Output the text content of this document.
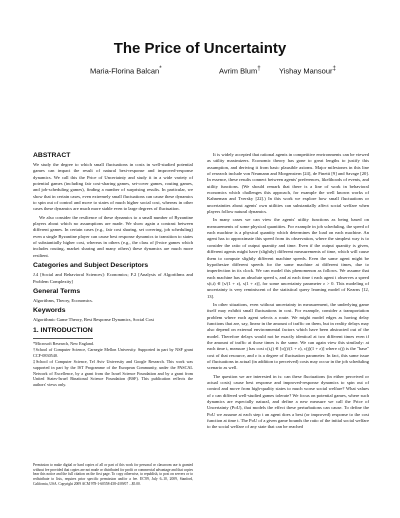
The Price of Uncertainty
Maria-Florina Balcan*	Avrim Blum† Yishay Mansour‡
ABSTRACT

We study the degree to which small fluctuations in costs in well-studied potential games can impact the result of natural best-response and improved-response dynamics. We call this the Price of Uncertainty and study it in a wide variety of potential games (including fair cost-sharing games, set-cover games, routing games, and job-scheduling games), finding a number of surprising results. In particular, we show that in certain cases, even extremely small fluctuations can cause these dynamics to spin out of control and move to states of much higher social cost, whereas in other cases these dynamics are much more stable even to large degrees of fluctuation.

We also consider the resilience of these dynamics to a small number of Byzantine players about which no assumptions are made. We show again a contrast between different games. In certain cases (e.g., fair cost sharing, set covering, job scheduling) even a single Byzantine player can cause best response dynamics to transition to states of substantially higher cost, whereas in others (e.g., the class of β-nice games which includes routing, market sharing and many others) these dynamics are much more resilient.

Categories and Subject Descriptors

J.4 [Social and Behavioral Sciences]: Economics; F.2 [Analysis of Algorithms and Problem Complexity]

General Terms

Algorithms, Theory, Economics.

Keywords

Algorithmic Game Theory, Best Response Dynamics, Social Cost

1. INTRODUCTION

*Microsoft Research, New England.

†School of Computer Science, Carnegie Mellon University. Supported in part by NSF grant CCF-0830540.

‡School of Computer Science, Tel Aviv University and Google Research. This work was supported in part by the IST Programme of the European Community, under the PASCAL Network of Excellence, by a grant from the Israel Science Foundation and by a grant from United States-Israel Binational Science Foundation (BSF). This publication reflects the authors' views only.

Permission to make digital or hard copies of all or part of this work for personal or classroom use is granted without fee provided that copies are not made or distributed for profit or commercial advantage and that copies bear this notice and the full citation on the first page. To copy otherwise, to republish, to post on servers or to redistribute to lists, requires prior specific permission and/or a fee. EC'09, July 6–10, 2009, Stanford, California, USA. Copyright 2009 ACM 978-1-60558-458-4/09/07 ...$5.00.

It is widely accepted that rational agents in competitive environments can be viewed as utility maximizers. Economic theory has gone to great lengths to justify this assumption, and deriving it from basic plausible axioms. Major milestones in this line of research include von Neumann and Morgenstern [24], de Finetti [9] and Savage [20]. In essence, these results connect between agents' preferences, likelihoods of events, and utility functions. (We should remark that there is a line of work in behavioral economics which challenges this approach, for example the well known works of Kahneman and Tversky [22].) In this work we explore how small fluctuations or uncertainties about agents' own utilities can substantially affect social welfare when players follow natural dynamics.

In many cases we can view the agents' utility functions as being based on measurements of some physical quantities. For example in job scheduling, the speed of each machine is a physical quantity which determines the load on each machine. An agent has to approximate this speed from its observation, where the simplest way is to consider the ratio of output quantity and time. Even if the output quantity is given, different agents might have (slightly) different measurements of time, which will cause them to compute slightly different machine speeds. Even the same agent might be hypothesize different speeds for the same machine at different times, due to imperfection in its clock. We can model this phenomenon as follows. We assume that each machine has an absolute speed s, and at each time t each agent i observes a speed s(t,i) ∈ [s/(1 + ε), s(1 + ε)], for some uncertainty parameter ε > 0. This modeling of uncertainty is very reminiscent of the statistical query learning model of Kearns [12, 13].

In other situations, even without uncertainty in measurement, the underlying game itself may exhibit small fluctuations in cost. For example, consider a transportation problem where each agent selects a route. We might model edges as having delay functions that are, say, linear in the amount of traffic on them, but in reality delays may also depend on external environmental factors which have been abstracted out of the model. Therefore delays would not be exactly identical at two different times even if the amount of traffic at those times is the same. We can again view this similarly: at each time t, measure j has cost c(t,j) ∈ [c(j)/(1 + ε), c(j)(1 + ε)] where c(j) is the "base" cost of that resource, and ε is a degree of fluctuation parameter. In fact, this same issue of fluctuations in actual (in addition to perceived) costs may occur in the job scheduling scenario as well.

The question we are interested in is: can these fluctuations (in either perceived or actual costs) cause best response and improved-response dynamics to spin out of control and move from high-quality states to much worse social welfare? What values of ε can differed well-studied games tolerate? We focus on potential games, where such dynamics are especially natural, and define a new measure we call the Price of Uncertainty (PoU), that models the effect these perturbations can cause. To define the PoU we assume at each step t an agent does a best (or improved) response to the cost function at time t. The PoU of a given game bounds the ratio of the initial social welfare to the social welfare of any state that can be reached
